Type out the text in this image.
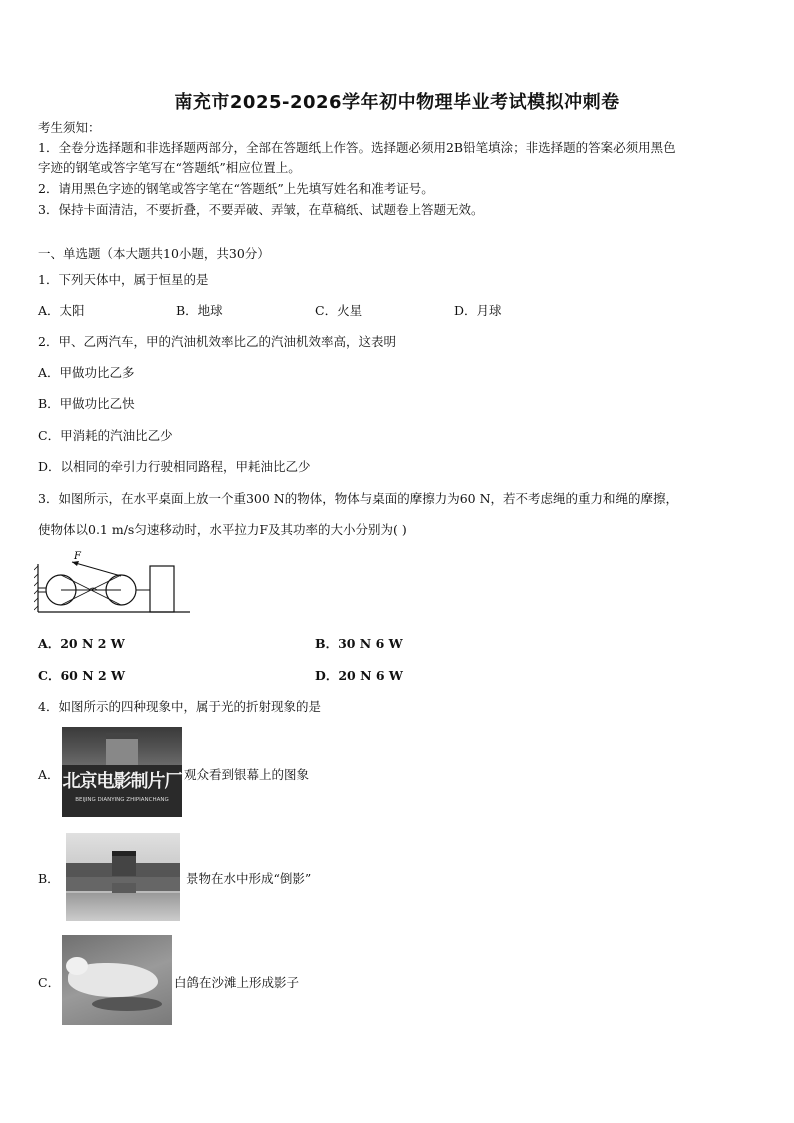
南充市2025-2026学年初中物理毕业考试模拟冲刺卷
考生须知：
1．全卷分选择题和非选择题两部分，全部在答题纸上作答。选择题必须用2B铅笔填涂；非选择题的答案必须用黑色
字迹的钢笔或答字笔写在“答题纸”相应位置上。
2．请用黑色字迹的钢笔或答字笔在“答题纸”上先填写姓名和准考证号。
3．保持卡面清洁，不要折叠，不要弄破、弄皱，在草稿纸、试题卷上答题无效。
一、单选题（本大题共10小题，共30分）
1．下列天体中，属于恒星的是
A．太阳	B．地球	C．火星	D．月球
2．甲、乙两汽车，甲的汽油机效率比乙的汽油机效率高，这表明
A．甲做功比乙多
B．甲做功比乙快
C．甲消耗的汽油比乙少
D．以相同的牵引力行驶相同路程，甲耗油比乙少
3．如图所示，在水平桌面上放一个重300 N的物体，物体与桌面的摩擦力为60 N，若不考虑绳的重力和绳的摩擦，
使物体以0.1 m/s匀速移动时，水平拉力F及其功率的大小分别为( )
F
A．20 N 2 W	B．30 N 6 W
C．60 N 2 W	D．20 N 6 W
4．如图所示的四种现象中，属于光的折射现象的是
A． 北京电影制片厂
BEIJING DIANYING ZHIPIANCHANG
观众看到银幕上的图象
B．	景物在水中形成“倒影”
C．	白鸽在沙滩上形成影子
